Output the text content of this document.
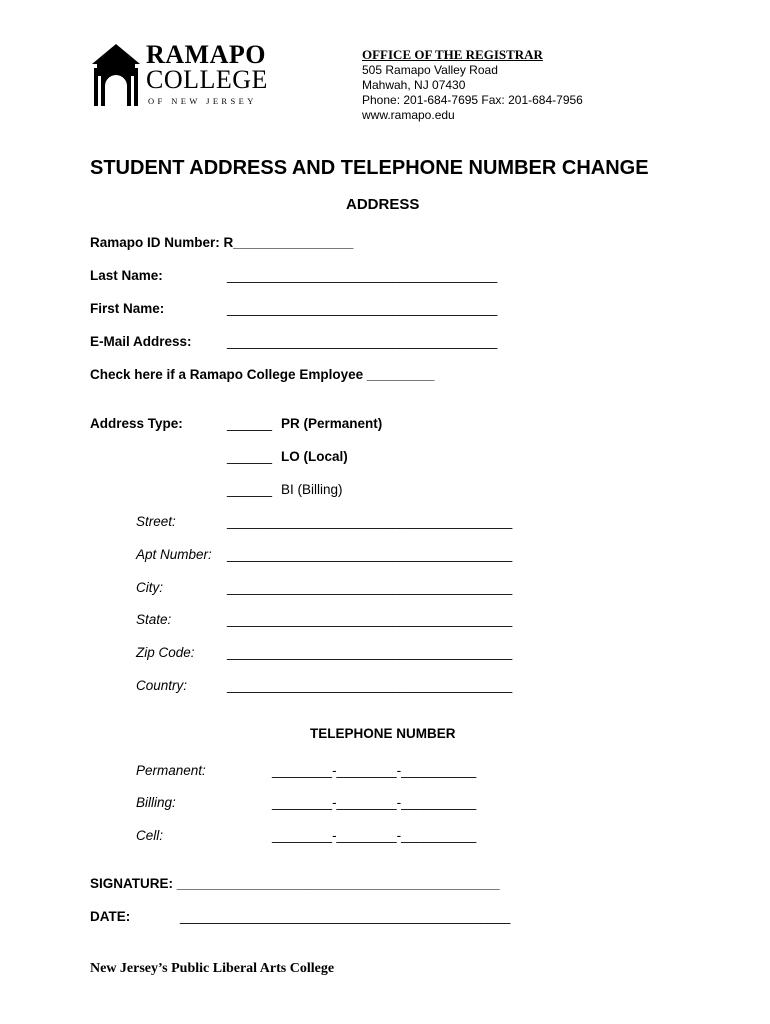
RAMAPO
COLLEGE
OF NEW JERSEY
OFFICE OF THE REGISTRAR
505 Ramapo Valley Road
Mahwah, NJ 07430
Phone: 201-684-7695 Fax: 201-684-7956
www.ramapo.edu
STUDENT ADDRESS AND TELEPHONE NUMBER CHANGE
ADDRESS
Ramapo ID Number: R________________
Last Name:	____________________________________
First Name:	____________________________________
E-Mail Address:	____________________________________
Check here if a Ramapo College Employee _________
Address Type:	______ PR (Permanent)
______ LO (Local)
______ BI (Billing)
Street:	______________________________________
Apt Number: ______________________________________
City:	______________________________________
State:	______________________________________
Zip Code: ______________________________________
Country:	______________________________________
TELEPHONE NUMBER
Permanent:	________-________-__________
Billing:	________-________-__________
Cell:	________-________-__________
SIGNATURE: ___________________________________________
DATE:	____________________________________________
New Jersey’s Public Liberal Arts College
